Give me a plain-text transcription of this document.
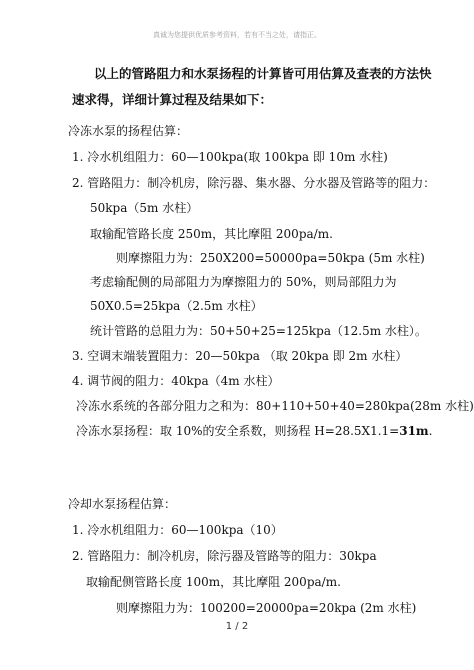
真诚为您提供优质参考资料，若有不当之处，请指正。
以上的管路阻力和水泵扬程的计算皆可用估算及查表的方法快
速求得，详细计算过程及结果如下：
冷冻水泵的扬程估算：
1. 冷水机组阻力：60—100kpa(取 100kpa 即 10m 水柱)
2. 管路阻力：制冷机房，除污器、集水器、分水器及管路等的阻力：
50kpa（5m 水柱）
取输配管路长度 250m，其比摩阻 200pa/m.
则摩擦阻力为：250X200=50000pa=50kpa (5m 水柱)
考虑输配侧的局部阻力为摩擦阻力的 50%，则局部阻力为
50X0.5=25kpa（2.5m 水柱）
统计管路的总阻力为：50+50+25=125kpa（12.5m 水柱）。
3. 空调末端装置阻力：20—50kpa （取 20kpa 即 2m 水柱）
4. 调节阀的阻力：40kpa（4m 水柱）
冷冻水系统的各部分阻力之和为：80+110+50+40=280kpa(28m 水柱)
冷冻水泵扬程：取 10%的安全系数，则扬程 H=28.5X1.1=31m.
冷却水泵扬程估算：
1. 冷水机组阻力：60—100kpa（10）
2. 管路阻力：制冷机房，除污器及管路等的阻力：30kpa
取输配侧管路长度 100m，其比摩阻 200pa/m.
则摩擦阻力为：100200=20000pa=20kpa (2m 水柱)
1 / 2
